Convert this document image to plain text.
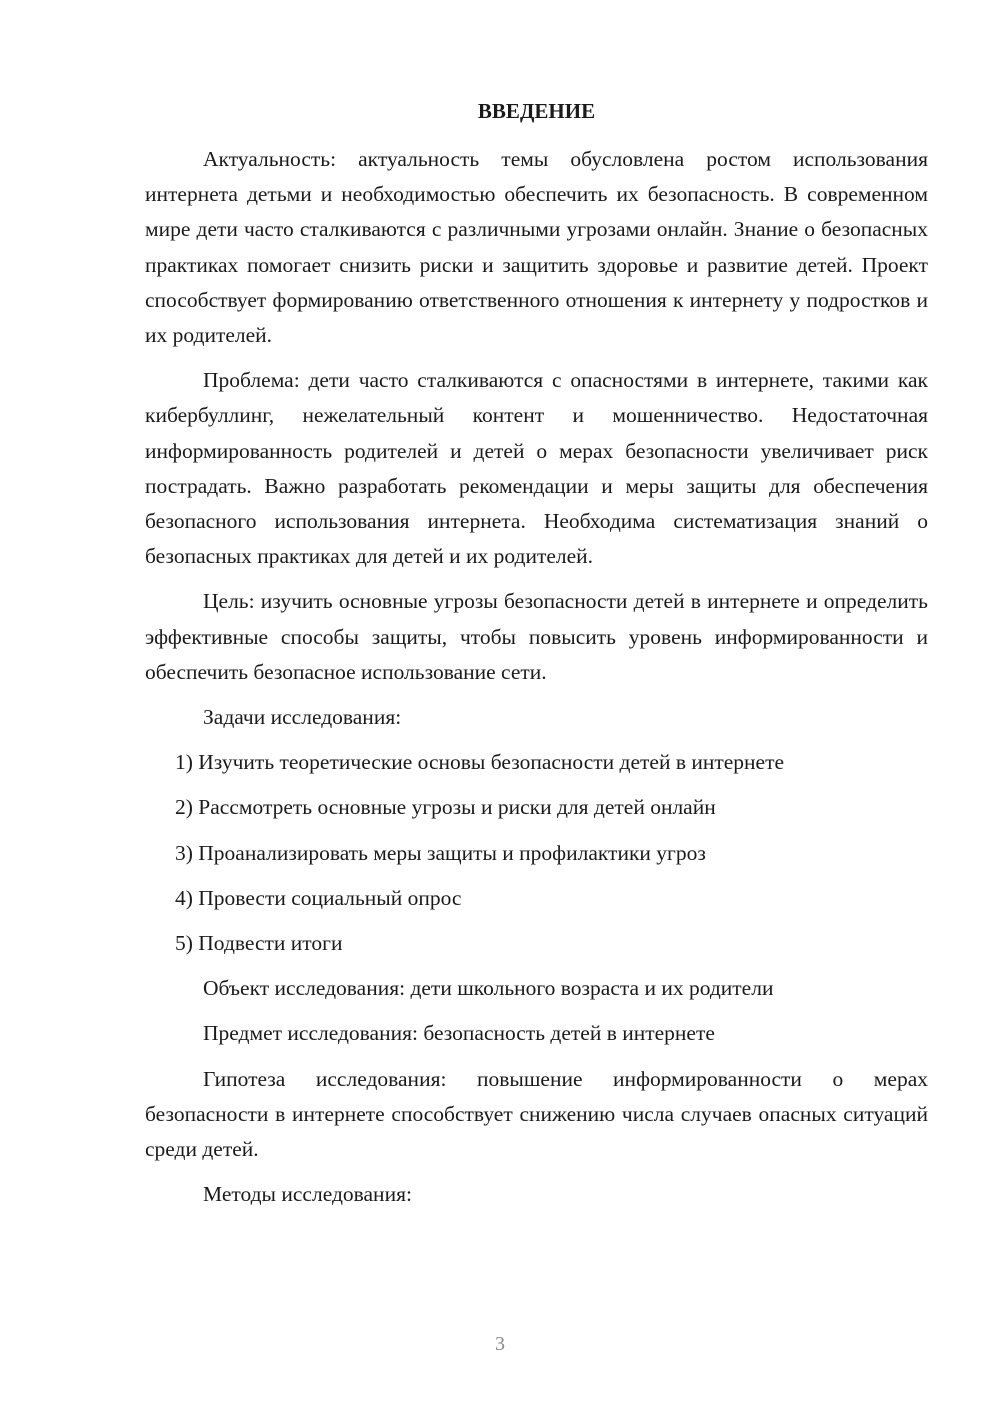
ВВЕДЕНИЕ

Актуальность: актуальность темы обусловлена ростом использования интернета детьми и необходимостью обеспечить их безопасность. В современном мире дети часто сталкиваются с различными угрозами онлайн. Знание о безопасных практиках помогает снизить риски и защитить здоровье и развитие детей. Проект способствует формированию ответственного отношения к интернету у подростков и их родителей.

Проблема: дети часто сталкиваются с опасностями в интернете, такими как кибербуллинг, нежелательный контент и мошенничество. Недостаточная информированность родителей и детей о мерах безопасности увеличивает риск пострадать. Важно разработать рекомендации и меры защиты для обеспечения безопасного использования интернета. Необходима систематизация знаний о безопасных практиках для детей и их родителей.

Цель: изучить основные угрозы безопасности детей в интернете и определить эффективные способы защиты, чтобы повысить уровень информированности и обеспечить безопасное использование сети.

Задачи исследования:

1) Изучить теоретические основы безопасности детей в интернете
2) Рассмотреть основные угрозы и риски для детей онлайн
3) Проанализировать меры защиты и профилактики угроз
4) Провести социальный опрос
5) Подвести итоги

Объект исследования: дети школьного возраста и их родители

Предмет исследования: безопасность детей в интернете

Гипотеза исследования: повышение информированности о мерах безопасности в интернете способствует снижению числа случаев опасных ситуаций среди детей.

Методы исследования:

3
